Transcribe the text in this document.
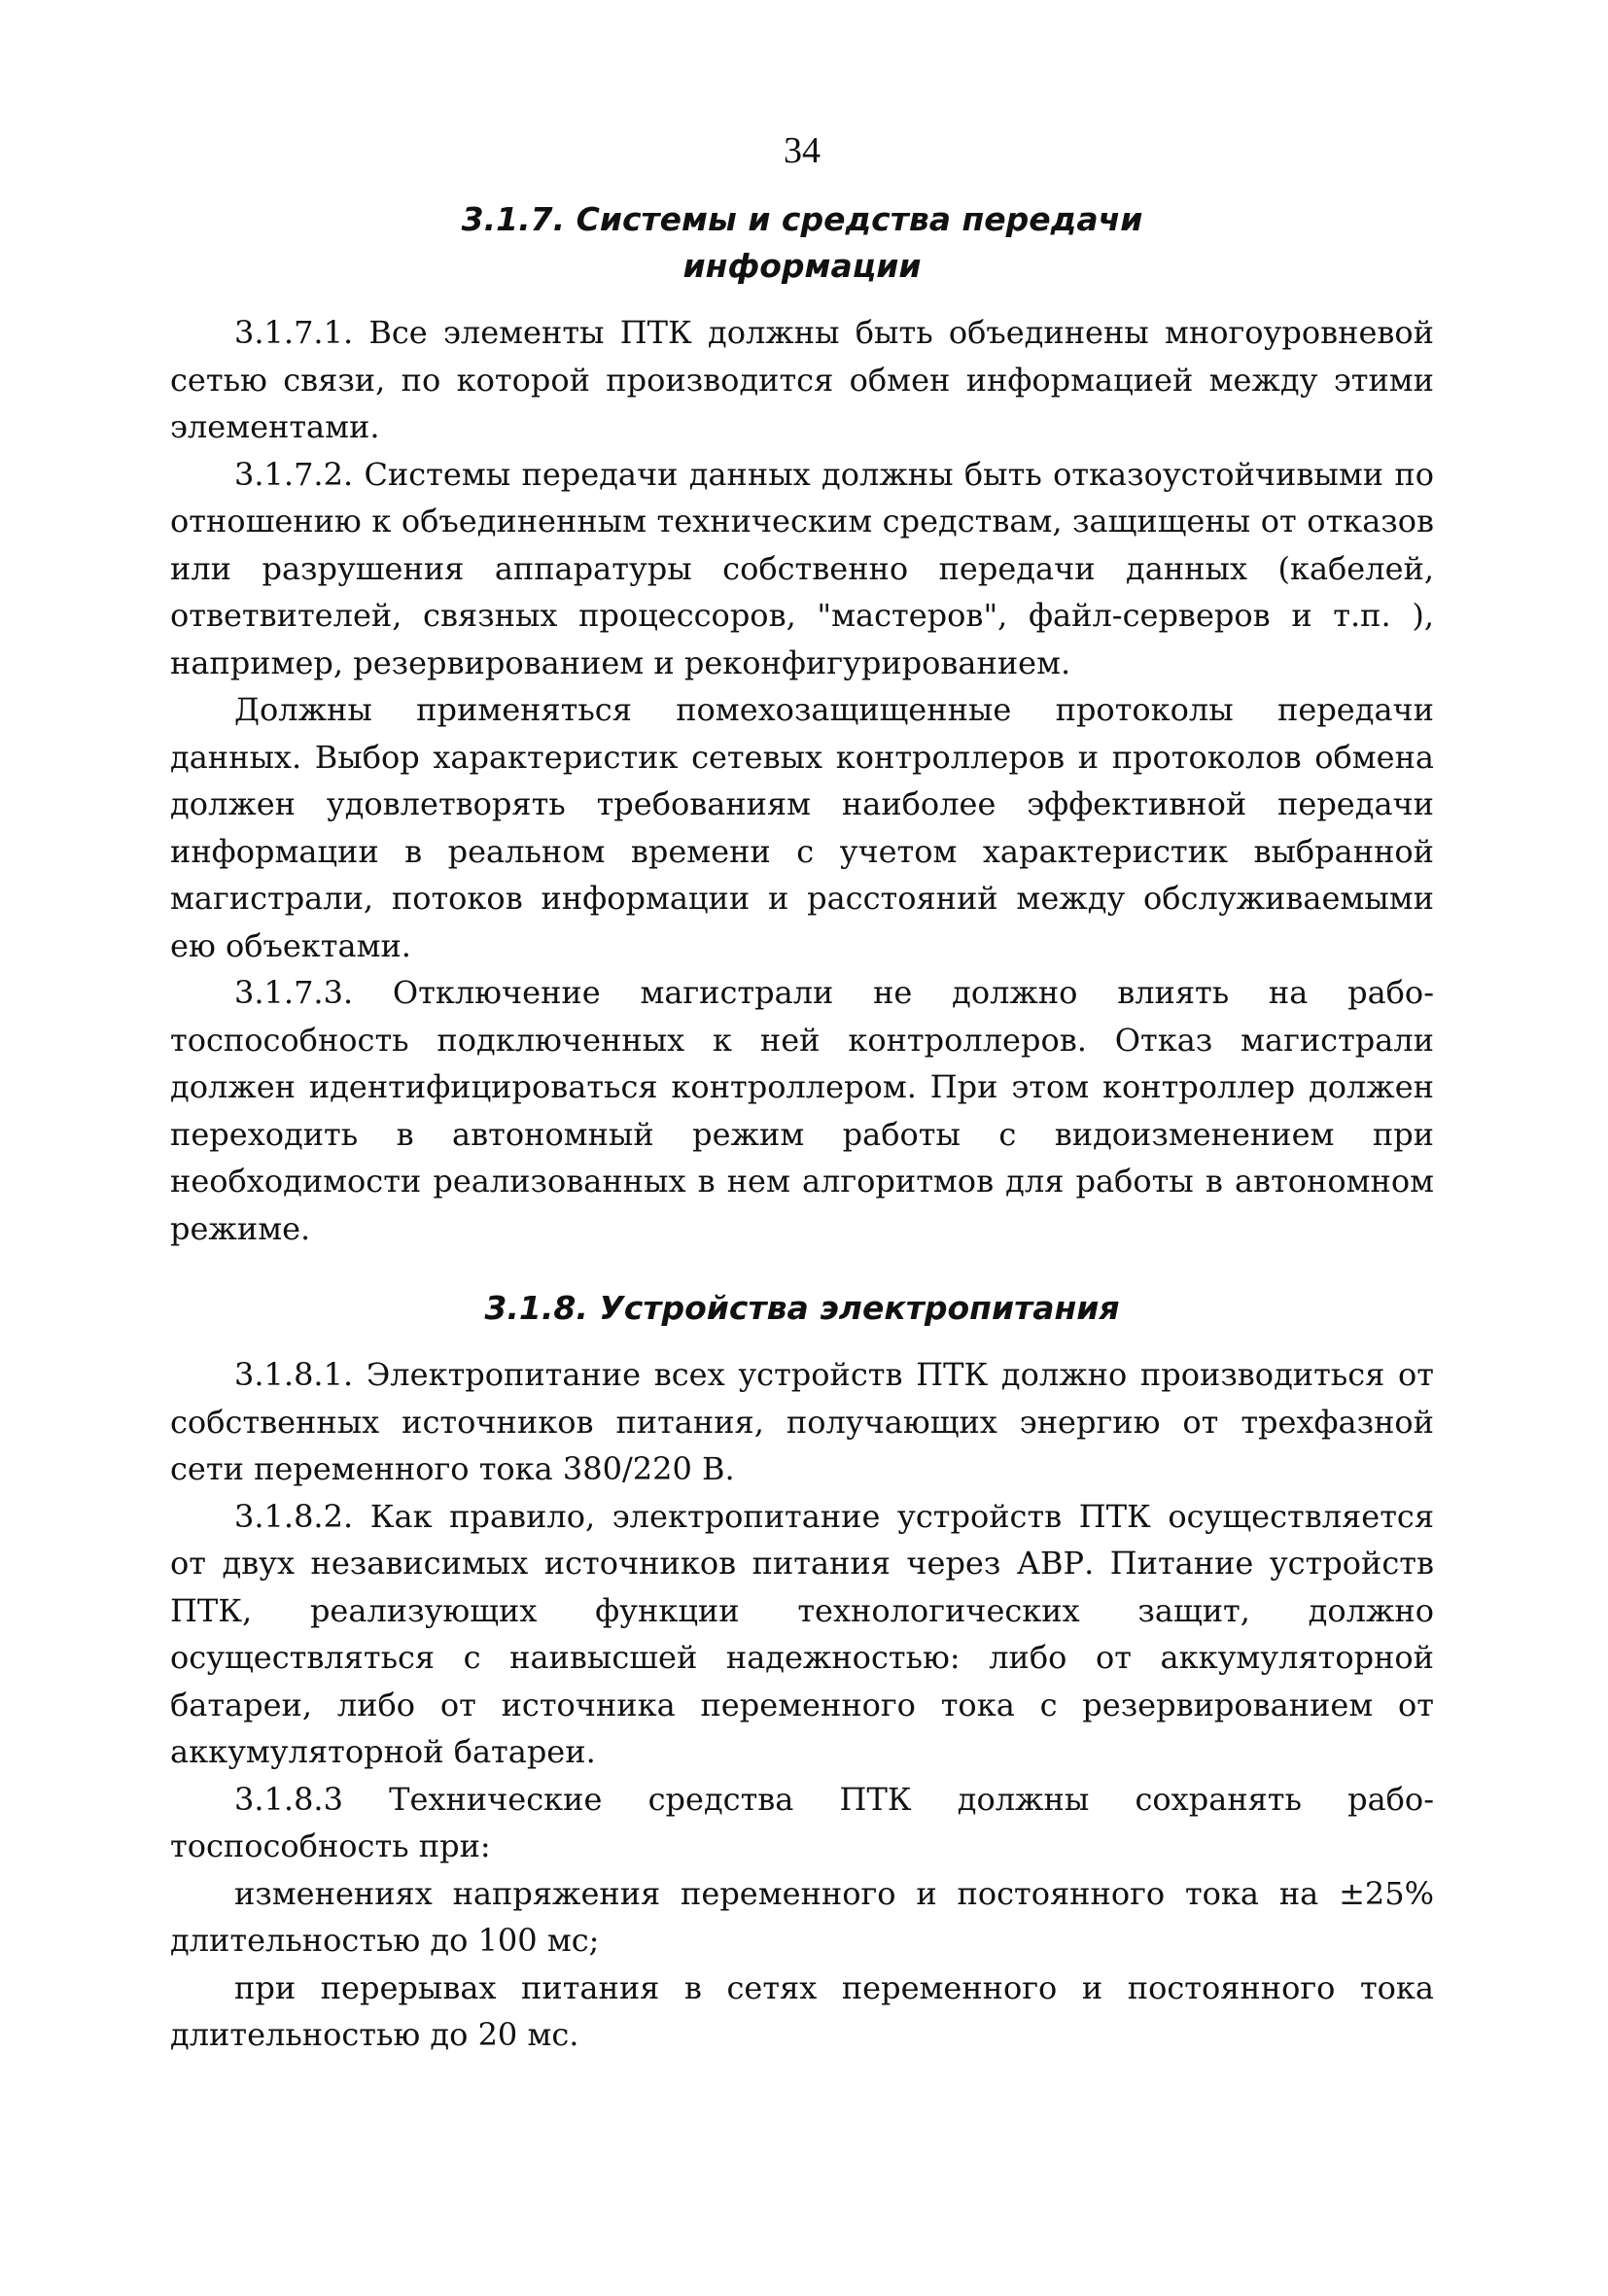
34
3.1.7. Системы и средства передачи
информации

3.1.7.1. Все элементы ПТК должны быть объединены многоуровневой сетью связи, по которой производится обмен информацией между этими элементами.

3.1.7.2. Системы передачи данных должны быть отказоустойчивыми по отношению к объединенным техническим средствам, защищены от отказов или разрушения аппаратуры собственно передачи данных (кабелей, ответвителей, связных процессоров, "мастеров", файл-серверов и т.п. ), например, резервированием и реконфигурированием.

Должны применяться помехозащищенные протоколы передачи данных. Выбор характеристик сетевых контроллеров и протоколов обмена должен удовлетворять требованиям наиболее эффективной передачи информации в реальном времени с учетом характеристик выбранной магистрали, потоков информации и расстояний между обслуживаемыми ею объектами.

3.1.7.3. Отключение магистрали не должно влиять на работоспособность подключенных к ней контроллеров. Отказ магистрали должен идентифицироваться контроллером. При этом контроллер должен переходить в автономный режим работы с видоизменением при необходимости реализованных в нем алгоритмов для работы в автономном режиме.

3.1.8. Устройства электропитания

3.1.8.1. Электропитание всех устройств ПТК должно производиться от собственных источников питания, получающих энергию от трехфазной сети переменного тока 380/220 В.

3.1.8.2. Как правило, электропитание устройств ПТК осуществляется от двух независимых источников питания через АВР. Питание устройств ПТК, реализующих функции технологических защит, должно осуществляться с наивысшей надежностью: либо от аккумуляторной батареи, либо от источника переменного тока с резервированием от аккумуляторной батареи.

3.1.8.3 Технические средства ПТК должны сохранять работоспособность при:

изменениях напряжения переменного и постоянного тока на ±25% длительностью до 100 мс;

при перерывах питания в сетях переменного и постоянного тока длительностью до 20 мс.
